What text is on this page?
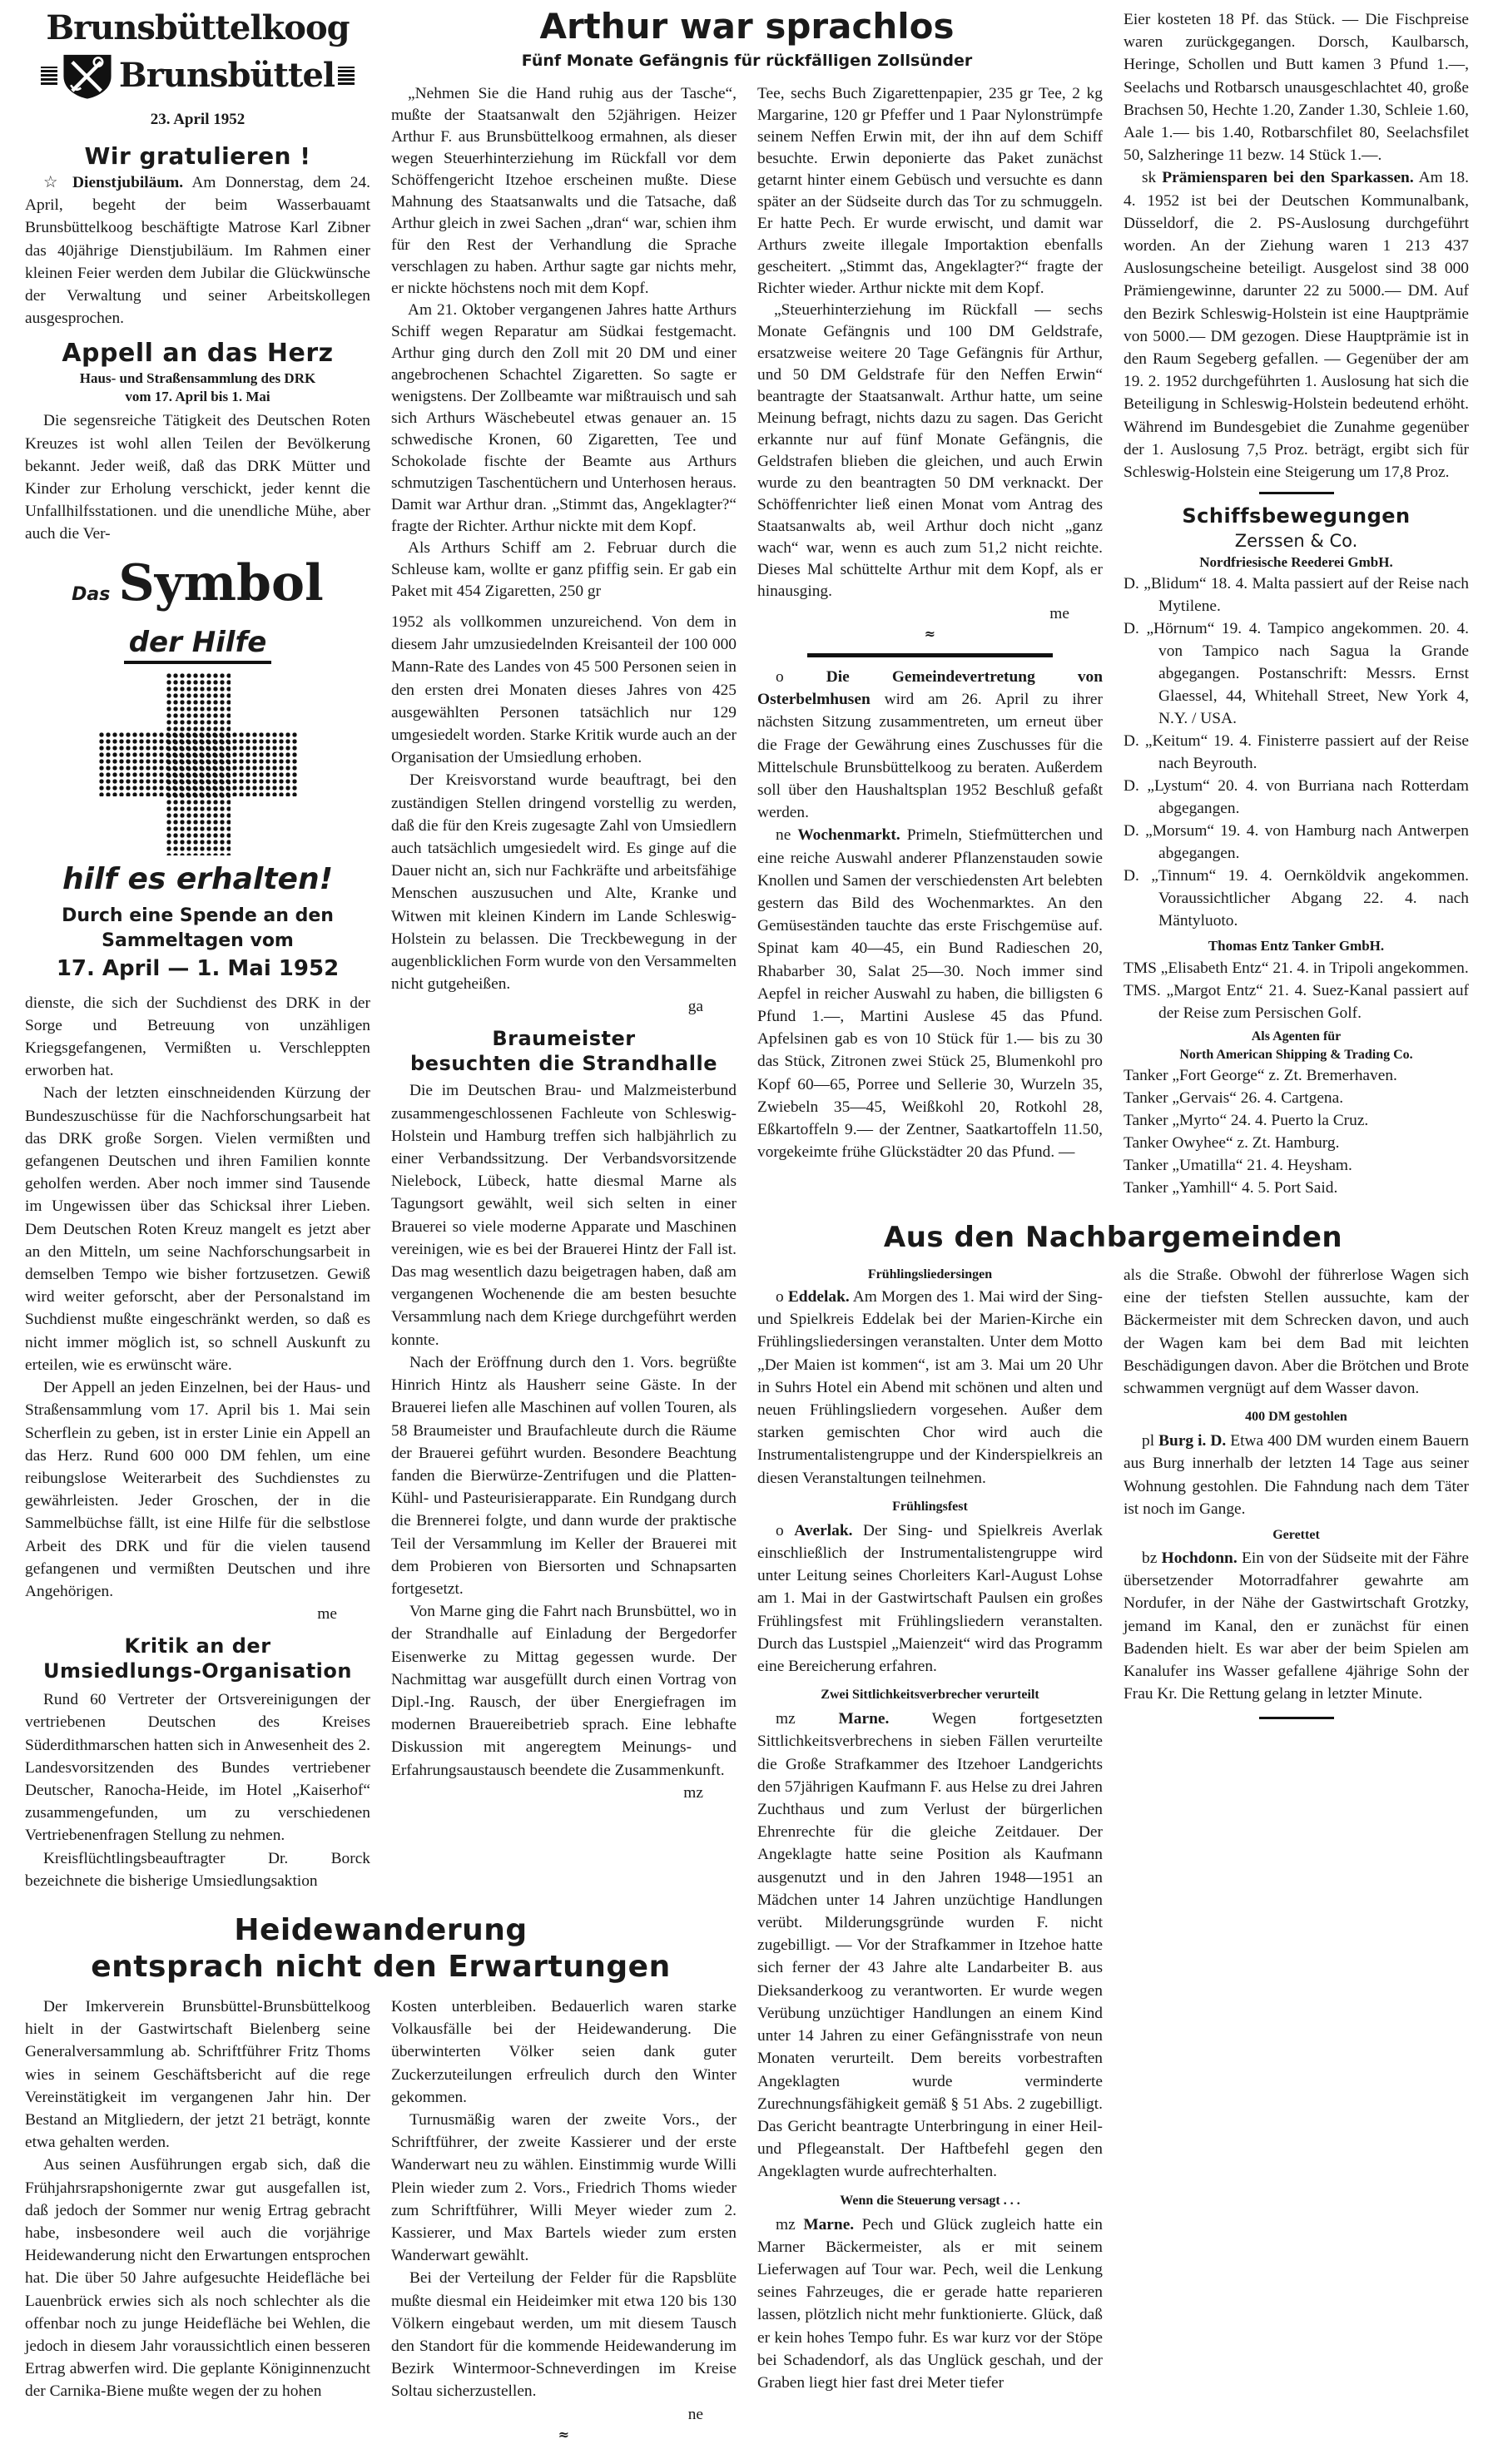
Brunsbüttelkoog
Brunsbüttel
23. April 1952
Wir gratulieren !

☆ Dienstjubiläum. Am Donnerstag, dem 24. April, begeht der beim Wasserbauamt Brunsbüttelkoog beschäftigte Matrose Karl Zibner das 40jährige Dienstjubiläum. Im Rahmen einer kleinen Feier werden dem Jubilar die Glückwünsche der Verwaltung und seiner Arbeitskollegen ausgesprochen.

Appell an das Herz
Haus- und Straßensammlung des DRK
vom 17. April bis 1. Mai

Die segensreiche Tätigkeit des Deutschen Roten Kreuzes ist wohl allen Teilen der Bevölkerung bekannt. Jeder weiß, daß das DRK Mütter und Kinder zur Erholung verschickt, jeder kennt die Unfallhilfsstationen. und die unendliche Mühe, aber auch die Ver-

Das Symbol
der Hilfe
hilf es erhalten!
Durch eine Spende an den
Sammeltagen vom
17. April — 1. Mai 1952

dienste, die sich der Suchdienst des DRK in der Sorge und Betreuung von unzähligen Kriegsgefangenen, Vermißten u. Verschleppten erworben hat.

Nach der letzten einschneidenden Kürzung der Bundeszuschüsse für die Nachforschungsarbeit hat das DRK große Sorgen. Vielen vermißten und gefangenen Deutschen und ihren Familien konnte geholfen werden. Aber noch immer sind Tausende im Ungewissen über das Schicksal ihrer Lieben. Dem Deutschen Roten Kreuz mangelt es jetzt aber an den Mitteln, um seine Nachforschungsarbeit in demselben Tempo wie bisher fortzusetzen. Gewiß wird weiter geforscht, aber der Personalstand im Suchdienst mußte eingeschränkt werden, so daß es nicht immer möglich ist, so schnell Auskunft zu erteilen, wie es erwünscht wäre.

Der Appell an jeden Einzelnen, bei der Haus- und Straßensammlung vom 17. April bis 1. Mai sein Scherflein zu geben, ist in erster Linie ein Appell an das Herz. Rund 600 000 DM fehlen, um eine reibungslose Weiterarbeit des Suchdienstes zu gewährleisten. Jeder Groschen, der in die Sammelbüchse fällt, ist eine Hilfe für die selbstlose Arbeit des DRK und für die vielen tausend gefangenen und vermißten Deutschen und ihre Angehörigen.

me

Kritik an der
Umsiedlungs-Organisation

Rund 60 Vertreter der Ortsvereinigungen der vertriebenen Deutschen des Kreises Süderdithmarschen hatten sich in Anwesenheit des 2. Landesvorsitzenden des Bundes vertriebener Deutscher, Ranocha-Heide, im Hotel „Kaiserhof“ zusammengefunden, um zu verschiedenen Vertriebenenfragen Stellung zu nehmen.

Kreisflüchtlingsbeauftragter Dr. Borck bezeichnete die bisherige Umsiedlungsaktion

Arthur war sprachlos
Fünf Monate Gefängnis für rückfälligen Zollsünder

„Nehmen Sie die Hand ruhig aus der Tasche“, mußte der Staatsanwalt den 52jährigen. Heizer Arthur F. aus Brunsbüttelkoog ermahnen, als dieser wegen Steuerhinterziehung im Rückfall vor dem Schöffengericht Itzehoe erscheinen mußte. Diese Mahnung des Staatsanwalts und die Tatsache, daß Arthur gleich in zwei Sachen „dran“ war, schien ihm für den Rest der Verhandlung die Sprache verschlagen zu haben. Arthur sagte gar nichts mehr, er nickte höchstens noch mit dem Kopf.

Am 21. Oktober vergangenen Jahres hatte Arthurs Schiff wegen Reparatur am Südkai festgemacht. Arthur ging durch den Zoll mit 20 DM und einer angebrochenen Schachtel Zigaretten. So sagte er wenigstens. Der Zollbeamte war mißtrauisch und sah sich Arthurs Wäschebeutel etwas genauer an. 15 schwedische Kronen, 60 Zigaretten, Tee und Schokolade fischte der Beamte aus Arthurs schmutzigen Taschentüchern und Unterhosen heraus. Damit war Arthur dran. „Stimmt das, Angeklagter?“ fragte der Richter. Arthur nickte mit dem Kopf.

Als Arthurs Schiff am 2. Februar durch die Schleuse kam, wollte er ganz pfiffig sein. Er gab ein Paket mit 454 Zigaretten, 250 gr

1952 als vollkommen unzureichend. Von dem in diesem Jahr umzusiedelnden Kreisanteil der 100 000 Mann-Rate des Landes von 45 500 Personen seien in den ersten drei Monaten dieses Jahres von 425 ausgewählten Personen tatsächlich nur 129 umgesiedelt worden. Starke Kritik wurde auch an der Organisation der Umsiedlung erhoben.

Der Kreisvorstand wurde beauftragt, bei den zuständigen Stellen dringend vorstellig zu werden, daß die für den Kreis zugesagte Zahl von Umsiedlern auch tatsächlich umgesiedelt wird. Es ginge auf die Dauer nicht an, sich nur Fachkräfte und arbeitsfähige Menschen auszusuchen und Alte, Kranke und Witwen mit kleinen Kindern im Lande Schleswig-Holstein zu belassen. Die Treckbewegung in der augenblicklichen Form wurde von den Versammelten nicht gutgeheißen.

ga

Braumeister
besuchten die Strandhalle

Die im Deutschen Brau- und Malzmeisterbund zusammengeschlossenen Fachleute von Schleswig-Holstein und Hamburg treffen sich halbjährlich zu einer Verbandssitzung. Der Verbandsvorsitzende Nielebock, Lübeck, hatte diesmal Marne als Tagungsort gewählt, weil sich selten in einer Brauerei so viele moderne Apparate und Maschinen vereinigen, wie es bei der Brauerei Hintz der Fall ist. Das mag wesentlich dazu beigetragen haben, daß am vergangenen Wochenende die am besten besuchte Versammlung nach dem Kriege durchgeführt werden konnte.

Nach der Eröffnung durch den 1. Vors. begrüßte Hinrich Hintz als Hausherr seine Gäste. In der Brauerei liefen alle Maschinen auf vollen Touren, als 58 Braumeister und Braufachleute durch die Räume der Brauerei geführt wurden. Besondere Beachtung fanden die Bierwürze-Zentrifugen und die Platten-Kühl- und Pasteurisierapparate. Ein Rundgang durch die Brennerei folgte, und dann wurde der praktische Teil der Versammlung im Keller der Brauerei mit dem Probieren von Biersorten und Schnapsarten fortgesetzt.

Von Marne ging die Fahrt nach Brunsbüttel, wo in der Strandhalle auf Einladung der Bergedorfer Eisenwerke zu Mittag gegessen wurde. Der Nachmittag war ausgefüllt durch einen Vortrag von Dipl.-Ing. Rausch, der über Energiefragen im modernen Brauereibetrieb sprach. Eine lebhafte Diskussion mit angeregtem Meinungs- und Erfahrungsaustausch beendete die Zusammenkunft.

mz

Tee, sechs Buch Zigarettenpapier, 235 gr Tee, 2 kg Margarine, 120 gr Pfeffer und 1 Paar Nylonstrümpfe seinem Neffen Erwin mit, der ihn auf dem Schiff besuchte. Erwin deponierte das Paket zunächst getarnt hinter einem Gebüsch und versuchte es dann später an der Südseite durch das Tor zu schmuggeln. Er hatte Pech. Er wurde erwischt, und damit war Arthurs zweite illegale Importaktion ebenfalls gescheitert. „Stimmt das, Angeklagter?“ fragte der Richter wieder. Arthur nickte mit dem Kopf.

„Steuerhinterziehung im Rückfall — sechs Monate Gefängnis und 100 DM Geldstrafe, ersatzweise weitere 20 Tage Gefängnis für Arthur, und 50 DM Geldstrafe für den Neffen Erwin“ beantragte der Staatsanwalt. Arthur hatte, um seine Meinung befragt, nichts dazu zu sagen. Das Gericht erkannte nur auf fünf Monate Gefängnis, die Geldstrafen blieben die gleichen, und auch Erwin wurde zu den beantragten 50 DM verknackt. Der Schöffenrichter ließ einen Monat vom Antrag des Staatsanwalts ab, weil Arthur doch nicht „ganz wach“ war, wenn es auch zum 51,2 nicht reichte. Dieses Mal schüttelte Arthur mit dem Kopf, als er hinausging.

me

≈

o	Die Gemeindevertretung von Osterbelmhusen wird am 26. April zu ihrer nächsten Sitzung zusammentreten, um erneut über die Frage der Gewährung eines Zuschusses für die Mittelschule Brunsbüttelkoog zu beraten. Außerdem soll über den Haushaltsplan 1952 Beschluß gefaßt werden.

ne Wochenmarkt. Primeln, Stiefmütterchen und eine reiche Auswahl anderer Pflanzenstauden sowie Knollen und Samen der verschiedensten Art belebten gestern das Bild des Wochenmarktes. An den Gemüseständen tauchte das erste Frischgemüse auf. Spinat kam 40—45, ein Bund Radieschen 20, Rhabarber 30, Salat 25—30. Noch immer sind Aepfel in reicher Auswahl zu haben, die billigsten 6 Pfund 1.—, Martini Auslese 45 das Pfund. Apfelsinen gab es von 10 Stück für 1.— bis zu 30 das Stück, Zitronen zwei Stück 25, Blumenkohl pro Kopf 60—65, Porree und Sellerie 30, Wurzeln 35, Zwiebeln 35—45, Weißkohl 20, Rotkohl 28, Eßkartoffeln 9.— der Zentner, Saatkartoffeln 11.50, vorgekeimte frühe Glückstädter 20 das Pfund. —

Eier kosteten 18 Pf. das Stück. — Die Fischpreise waren zurückgegangen. Dorsch, Kaulbarsch, Heringe, Schollen und Butt kamen 3 Pfund 1.—, Seelachs und Rotbarsch unausgeschlachtet 40, große Brachsen 50, Hechte 1.20, Zander 1.30, Schleie 1.60, Aale 1.— bis 1.40, Rotbarschfilet 80, Seelachsfilet 50, Salzheringe 11 bezw. 14 Stück 1.—.

sk Prämiensparen bei den Sparkassen. Am 18. 4. 1952 ist bei der Deutschen Kommunalbank, Düsseldorf, die 2. PS-Auslosung durchgeführt worden. An der Ziehung waren 1 213 437 Auslosungscheine beteiligt. Ausgelost sind 38 000 Prämiengewinne, darunter 22 zu 5000.— DM. Auf den Bezirk Schleswig-Holstein ist eine Hauptprämie von 5000.— DM gezogen. Diese Hauptprämie ist in den Raum Segeberg gefallen. — Gegenüber der am 19. 2. 1952 durchgeführten 1. Auslosung hat sich die Beteiligung in Schleswig-Holstein bedeutend erhöht. Während im Bundesgebiet die Zunahme gegenüber der 1. Auslosung 7,5 Proz. beträgt, ergibt sich für Schleswig-Holstein eine Steigerung um 17,8 Proz.

Schiffsbewegungen
Zerssen & Co.
Nordfriesische Reederei GmbH.

D. „Blidum“ 18. 4. Malta passiert auf der Reise nach Mytilene.

D. „Hörnum“ 19. 4. Tampico angekommen. 20. 4. von Tampico nach Sagua la Grande abgegangen. Postanschrift: Messrs. Ernst Glaessel, 44, Whitehall Street, New York 4, N.Y. / USA.

D. „Keitum“ 19. 4. Finisterre passiert auf der Reise nach Beyrouth.

D. „Lystum“ 20. 4. von Burriana nach Rotterdam abgegangen.

D. „Morsum“ 19. 4. von Hamburg nach Antwerpen abgegangen.

D. „Tinnum“ 19. 4. Oernköldvik angekommen. Voraussichtlicher Abgang 22. 4. nach Mäntyluoto.

Thomas Entz Tanker GmbH.

TMS „Elisabeth Entz“ 21. 4. in Tripoli angekommen.

TMS. „Margot Entz“ 21. 4. Suez-Kanal passiert auf der Reise zum Persischen Golf.

Als Agenten für
North American Shipping & Trading Co.

Tanker „Fort George“ z. Zt. Bremerhaven.

Tanker „Gervais“ 26. 4. Cartgena.

Tanker „Myrto“ 24. 4. Puerto la Cruz.

Tanker Owyhee“ z. Zt. Hamburg.

Tanker „Umatilla“ 21. 4. Heysham.

Tanker „Yamhill“ 4. 5. Port Said.

Aus den Nachbargemeinden
Frühlingsliedersingen

o Eddelak. Am Morgen des 1. Mai wird der Sing- und Spielkreis Eddelak bei der Marien-Kirche ein Frühlingsliedersingen veranstalten. Unter dem Motto „Der Maien ist kommen“, ist am 3. Mai um 20 Uhr in Suhrs Hotel ein Abend mit schönen und alten und neuen Frühlingsliedern vorgesehen. Außer dem starken gemischten Chor wird auch die Instrumentalistengruppe und der Kinderspielkreis an diesen Veranstaltungen teilnehmen.

Frühlingsfest

o Averlak. Der Sing- und Spielkreis Averlak einschließlich der Instrumentalistengruppe wird unter Leitung seines Chorleiters Karl-August Lohse am 1. Mai in der Gastwirtschaft Paulsen ein großes Frühlingsfest mit Frühlingsliedern veranstalten. Durch das Lustspiel „Maienzeit“ wird das Programm eine Bereicherung erfahren.

Zwei Sittlichkeitsverbrecher verurteilt

mz	Marne.	Wegen fortgesetzten Sittlichkeitsverbrechens in sieben Fällen verurteilte die Große Strafkammer des Itzehoer Landgerichts den 57jährigen Kaufmann F. aus Helse zu drei Jahren Zuchthaus und zum Verlust der bürgerlichen Ehrenrechte für die gleiche Zeitdauer. Der Angeklagte hatte seine Position als Kaufmann ausgenutzt und in den Jahren 1948—1951 an Mädchen unter 14 Jahren unzüchtige Handlungen verübt. Milderungsgründe wurden F. nicht zugebilligt. — Vor der Strafkammer in Itzehoe hatte sich ferner der 43 Jahre alte Landarbeiter B. aus Dieksanderkoog zu verantworten. Er wurde wegen Verübung unzüchtiger Handlungen an einem Kind unter 14 Jahren zu einer Gefängnisstrafe von neun Monaten verurteilt. Dem bereits vorbestraften Angeklagten wurde verminderte Zurechnungsfähigkeit gemäß § 51 Abs. 2 zugebilligt. Das Gericht beantragte Unterbringung in einer Heil- und Pflegeanstalt. Der Haftbefehl gegen den Angeklagten wurde aufrechterhalten.

Wenn die Steuerung versagt . . .

mz Marne. Pech und Glück zugleich hatte ein Marner Bäckermeister, als er mit seinem Lieferwagen auf Tour war. Pech, weil die Lenkung seines Fahrzeuges, die er gerade hatte reparieren lassen, plötzlich nicht mehr funktionierte. Glück, daß er kein hohes Tempo fuhr. Es war kurz vor der Stöpe bei Schadendorf, als das Unglück geschah, und der Graben liegt hier fast drei Meter tiefer

als die Straße. Obwohl der führerlose Wagen sich eine der tiefsten Stellen aussuchte, kam der Bäckermeister mit dem Schrecken davon, und auch der Wagen kam bei dem Bad mit leichten Beschädigungen davon. Aber die Brötchen und Brote schwammen vergnügt auf dem Wasser davon.

400 DM gestohlen

pl Burg i. D. Etwa 400 DM wurden einem Bauern aus Burg innerhalb der letzten 14 Tage aus seiner Wohnung gestohlen. Die Fahndung nach dem Täter ist noch im Gange.

Gerettet

bz Hochdonn. Ein von der Südseite mit der Fähre übersetzender Motorradfahrer gewahrte am Nordufer, in der Nähe der Gastwirtschaft Grotzky, jemand im Kanal, den er zunächst für einen Badenden hielt. Es war aber der beim Spielen am Kanalufer ins Wasser gefallene 4jährige Sohn der Frau Kr. Die Rettung gelang in letzter Minute.

Heidewanderung
entsprach nicht den Erwartungen

Der Imkerverein Brunsbüttel-Brunsbüttelkoog hielt in der Gastwirtschaft Bielenberg seine Generalversammlung ab. Schriftführer Fritz Thoms wies in seinem Geschäftsbericht auf die rege Vereinstätigkeit im vergangenen Jahr hin. Der Bestand an Mitgliedern, der jetzt 21 beträgt, konnte etwa gehalten werden.

Aus seinen Ausführungen ergab sich, daß die Frühjahrsrapshonigernte zwar gut ausgefallen ist, daß jedoch der Sommer nur wenig Ertrag gebracht habe, insbesondere weil auch die vorjährige Heidewanderung nicht den Erwartungen entsprochen hat. Die über 50 Jahre aufgesuchte Heidefläche bei Lauenbrück erwies sich als noch schlechter als die offenbar noch zu junge Heidefläche bei Wehlen, die jedoch in diesem Jahr voraussichtlich einen besseren Ertrag abwerfen wird. Die geplante Königinnenzucht der Carnika-Biene mußte wegen der zu hohen

Kosten unterbleiben. Bedauerlich waren starke Volkausfälle bei der Heidewanderung. Die überwinterten Völker seien dank guter Zuckerzuteilungen erfreulich durch den Winter gekommen.

Turnusmäßig waren der zweite Vors., der Schriftführer, der zweite Kassierer und der erste Wanderwart neu zu wählen. Einstimmig wurde Willi Plein wieder zum 2. Vors., Friedrich Thoms wieder zum Schriftführer, Willi Meyer wieder zum 2. Kassierer, und Max Bartels wieder zum ersten Wanderwart gewählt.

Bei der Verteilung der Felder für die Rapsblüte mußte diesmal ein Heideimker mit etwa 120 bis 130 Völkern eingebaut werden, um mit diesem Tausch den Standort für die kommende Heidewanderung im Bezirk Wintermoor-Schneverdingen im Kreise Soltau sicherzustellen.

ne

≈
